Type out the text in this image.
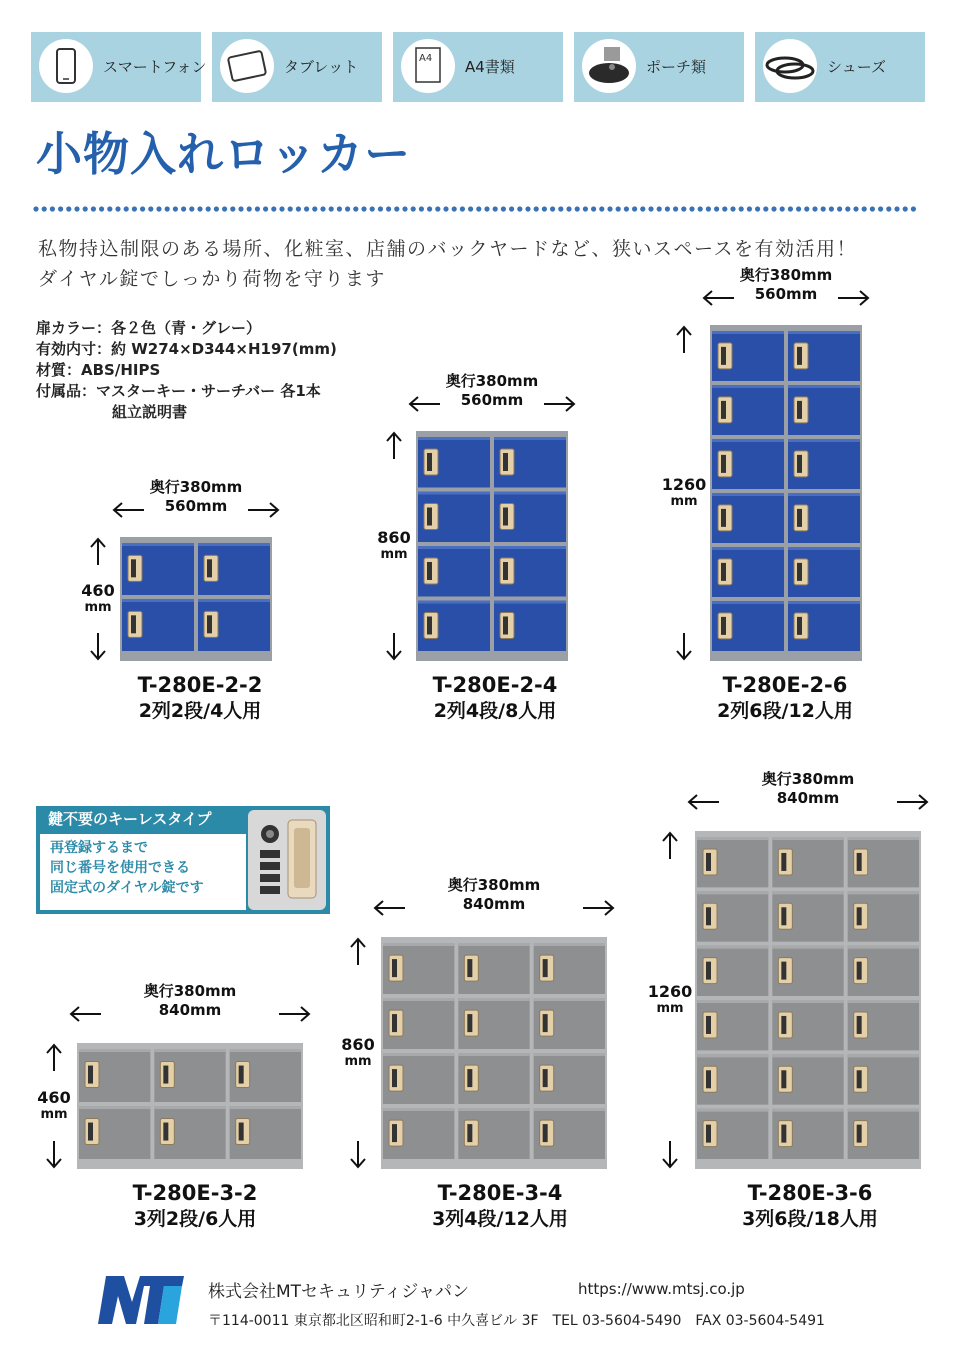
スマートフォン	タブレット	A4 A4書類	ポーチ類	シューズ
小物入れロッカー
私物持込制限のある場所、化粧室、店舗のバックヤードなど、狭いスペースを有効活用！
ダイヤル錠でしっかり荷物を守ります
扉カラー：各２色（青・グレー）
有効内寸：約 W274×D344×H197(mm)
材質：ABS/HIPS
付属品：マスターキー・サーチバー 各1本
組立説明書
奥行380mm
560mm
460
mm
T-280E-2-2
2列2段/4人用
奥行380mm
560mm
860
mm
T-280E-2-4
2列4段/8人用
奥行380mm
560mm
1260
mm
T-280E-2-6
2列6段/12人用
奥行380mm
840mm
460
mm
T-280E-3-2
3列2段/6人用
奥行380mm
840mm
860
mm
T-280E-3-4
3列4段/12人用
奥行380mm
840mm
1260
mm
T-280E-3-6
3列6段/18人用
鍵不要のキーレスタイプ
再登録するまで
同じ番号を使用できる
固定式のダイヤル錠です
株式会社MTセキュリティジャパン	https://www.mtsj.co.jp
〒114-0011 東京都北区昭和町2-1-6 中久喜ビル 3F　TEL 03-5604-5490　FAX 03-5604-5491
